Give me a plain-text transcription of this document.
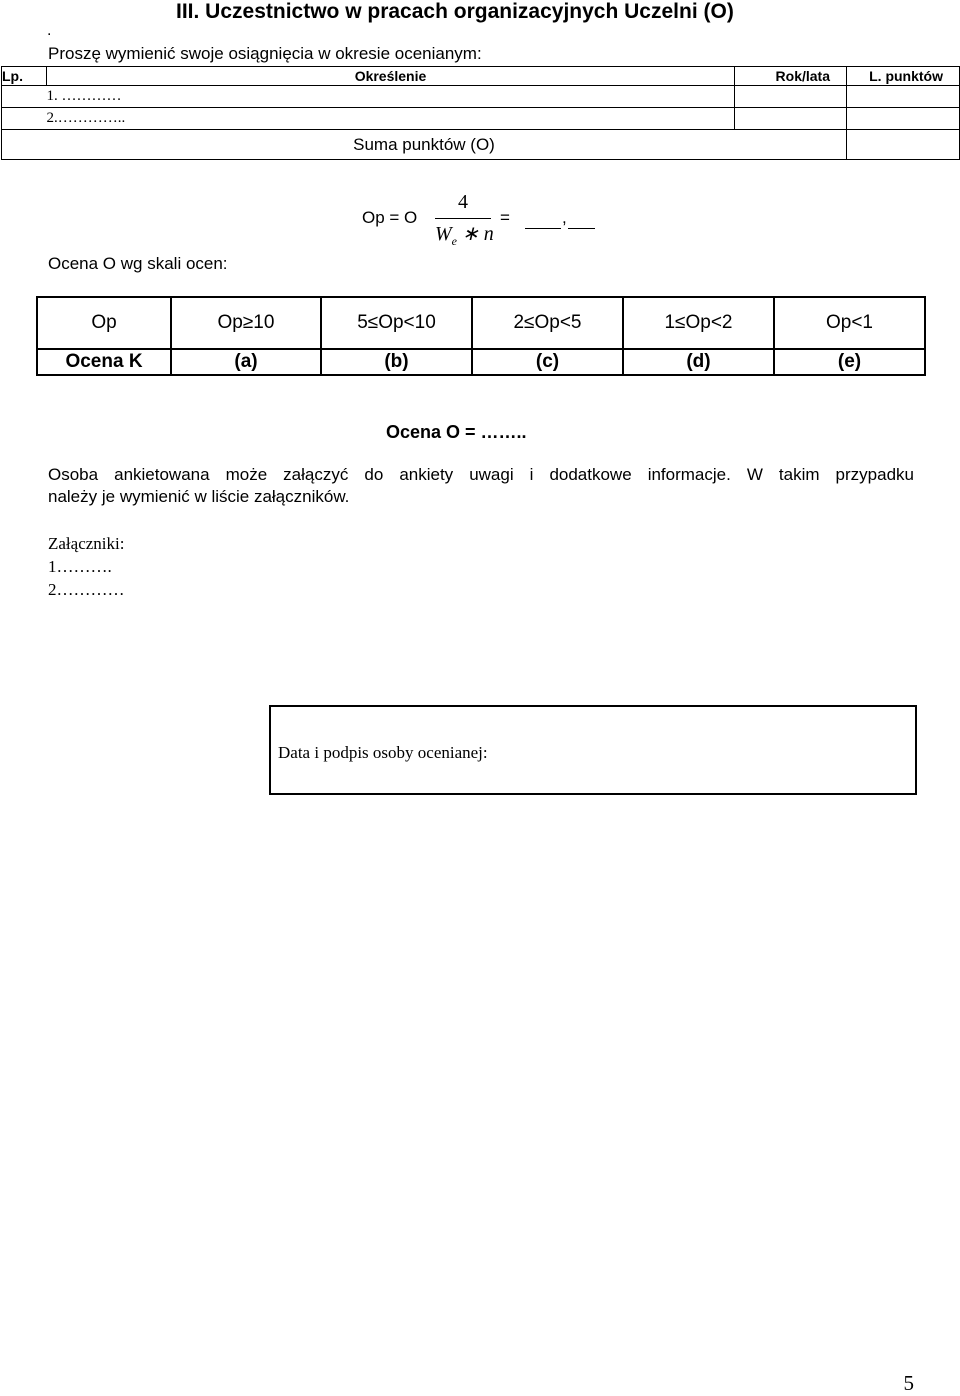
III. Uczestnictwo w pracach organizacyjnych Uczelni (O)
.
Proszę wymienić swoje osiągnięcia w okresie ocenianym:
Lp.	Określenie	Rok/lata	L. punktów
	1. …………		
	2.…………..		
Suma punktów (O)			
Ocena O wg skali ocen:
Op = O
4
$W_e$ ∗ n
=	,
Op	Op≥10	5≤Op<10	2≤Op<5	1≤Op<2	Op<1
Ocena K	(a)	(b)	(c)	(d)	(e)
Ocena O = ……..
Osoba ankietowana może załączyć do ankiety uwagi i dodatkowe informacje. W takim przypadku
należy je wymienić w liście załączników.
Załączniki:
1……….
2…………
Data i podpis osoby ocenianej:
5
